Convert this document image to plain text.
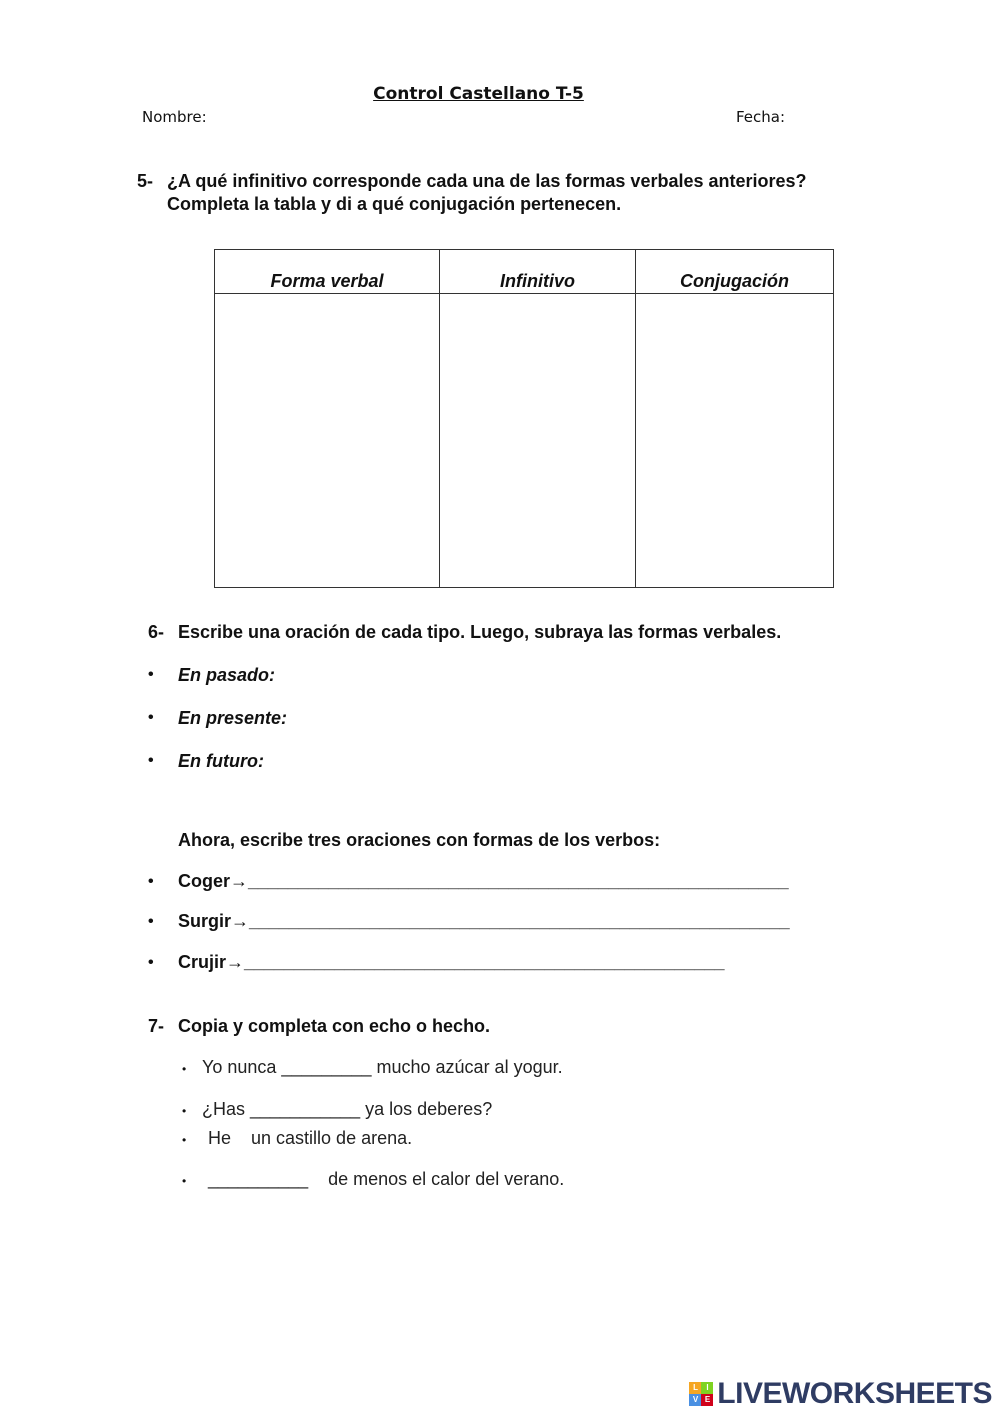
Control Castellano T-5
Nombre:	Fecha:
5- ¿A qué infinitivo corresponde cada una de las formas verbales anteriores?
Completa la tabla y di a qué conjugación pertenecen.
Forma verbal	Infinitivo	Conjugación

6- Escribe una oración de cada tipo. Luego, subraya las formas verbales.
• En pasado:
• En presente:
• En futuro:
Ahora, escribe tres oraciones con formas de los verbos:
• Coger→______________________________________________________
• Surgir→______________________________________________________
• Crujir→________________________________________________
7- Copia y completa con echo o hecho.
• Yo nunca _________ mucho azúcar al yogur.
• ¿Has ___________ ya los deberes?
• He    un castillo de arena.
• __________    de menos el calor del verano.
L	I
V E LIVEWORKSHEETS
